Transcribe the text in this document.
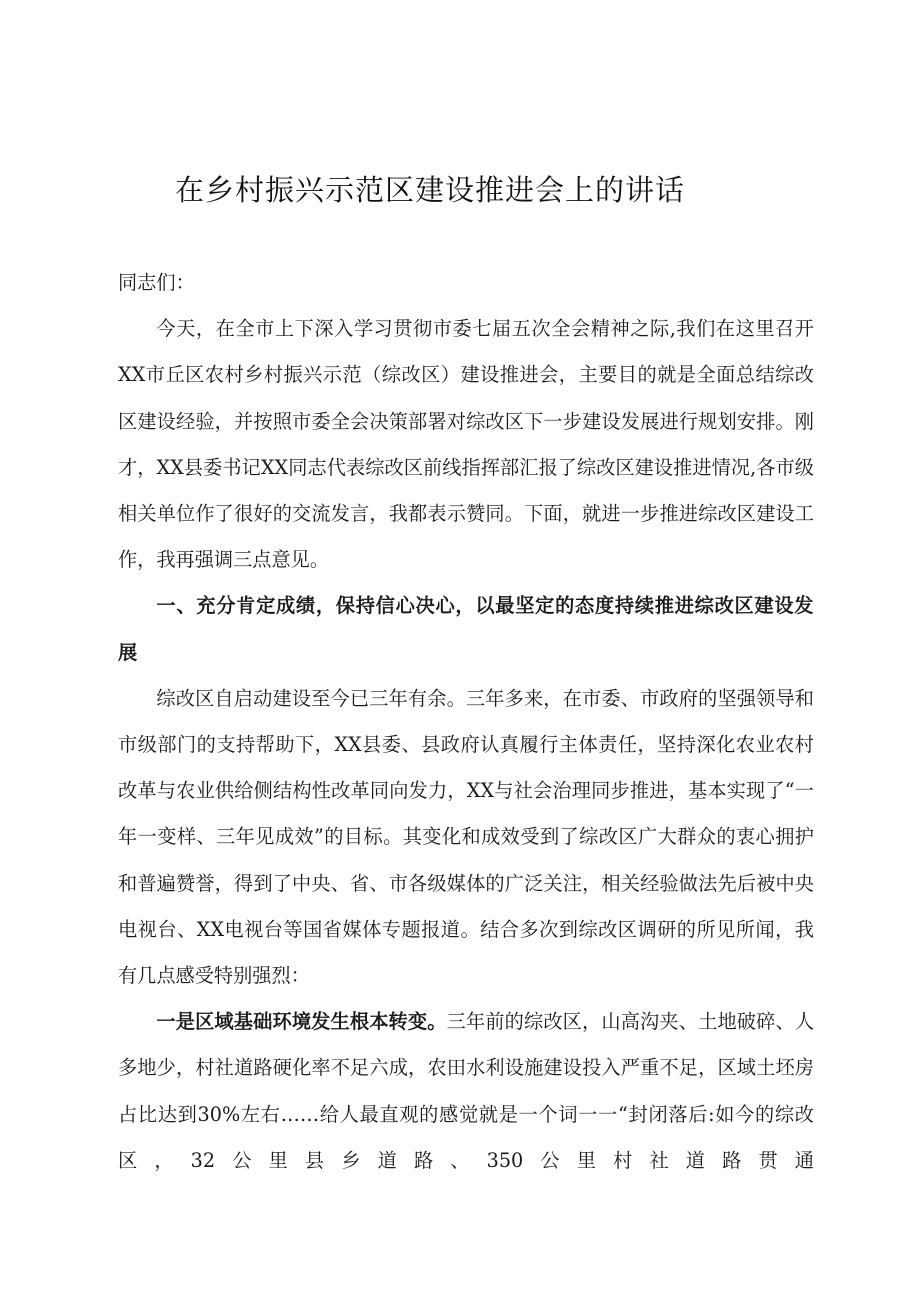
在乡村振兴示范区建设推进会上的讲话

同志们：

今天，在全市上下深入学习贯彻市委七届五次全会精神之际,我们在这里召开XX市丘区农村乡村振兴示范（综改区）建设推进会，主要目的就是全面总结综改区建设经验，并按照市委全会决策部署对综改区下一步建设发展进行规划安排。刚才，XX县委书记XX同志代表综改区前线指挥部汇报了综改区建设推进情况,各市级相关单位作了很好的交流发言，我都表示赞同。下面，就进一步推进综改区建设工作，我再强调三点意见。

一、充分肯定成绩，保持信心决心，以最坚定的态度持续推进综改区建设发展

综改区自启动建设至今已三年有余。三年多来，在市委、市政府的坚强领导和市级部门的支持帮助下，XX县委、县政府认真履行主体责任，坚持深化农业农村改革与农业供给侧结构性改革同向发力，XX与社会治理同步推进，基本实现了“一年一变样、三年见成效”的目标。其变化和成效受到了综改区广大群众的衷心拥护和普遍赞誉，得到了中央、省、市各级媒体的广泛关注，相关经验做法先后被中央电视台、XX电视台等国省媒体专题报道。结合多次到综改区调研的所见所闻，我有几点感受特别强烈：

一是区域基础环境发生根本转变。三年前的综改区，山高沟夹、土地破碎、人多地少，村社道路硬化率不足六成，农田水利设施建设投入严重不足，区域土坯房占比达到30%左右……给人最直观的感觉就是一个词一一“封闭落后:如今的综改区，32公里县乡道路、350公里村社道路贯通
